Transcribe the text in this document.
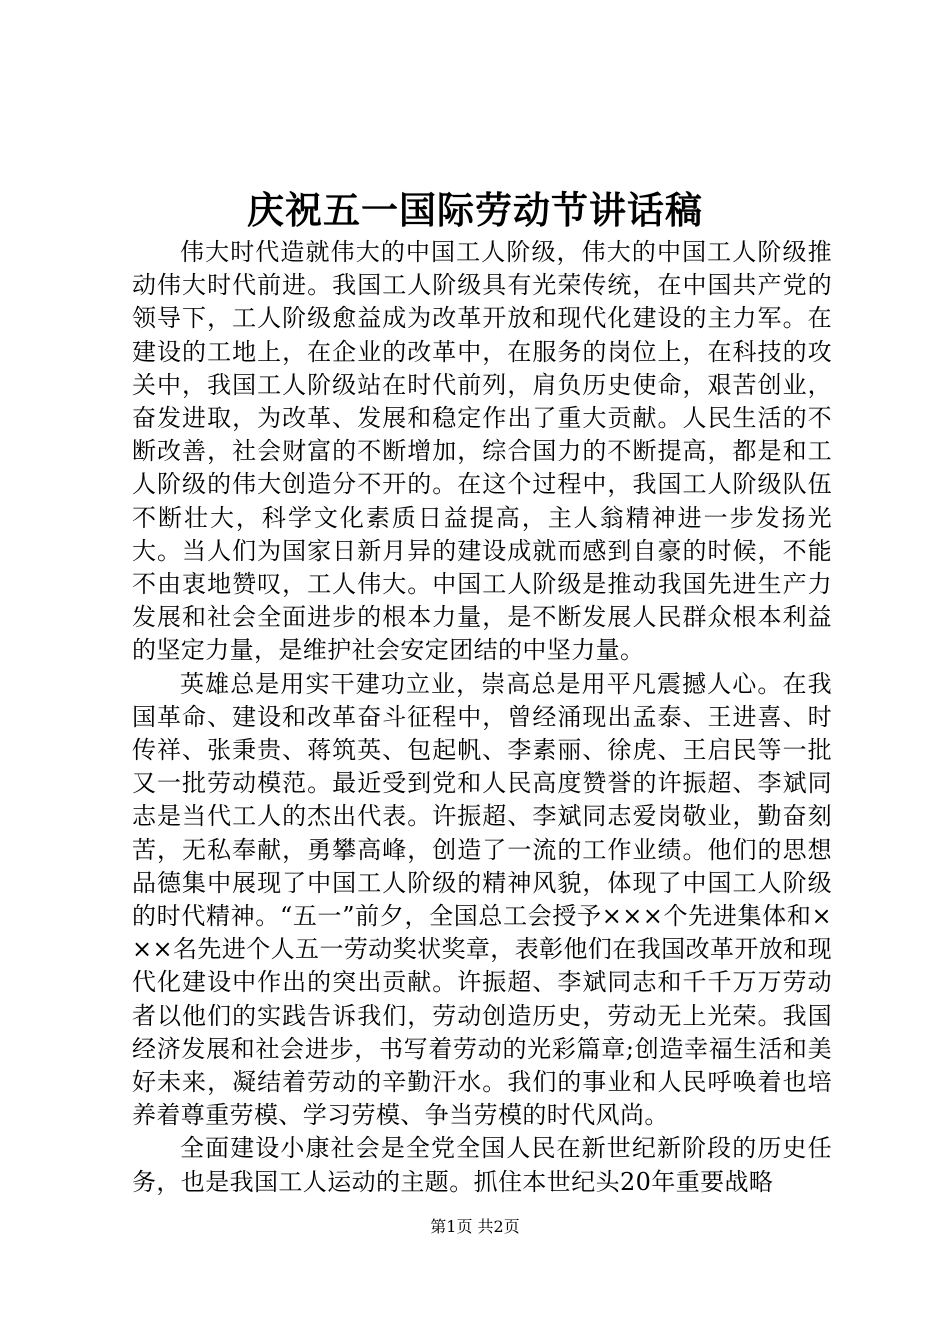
庆祝五一国际劳动节讲话稿

伟大时代造就伟大的中国工人阶级，伟大的中国工人阶级推动伟大时代前进。我国工人阶级具有光荣传统，在中国共产党的领导下，工人阶级愈益成为改革开放和现代化建设的主力军。在建设的工地上，在企业的改革中，在服务的岗位上，在科技的攻关中，我国工人阶级站在时代前列，肩负历史使命，艰苦创业，奋发进取，为改革、发展和稳定作出了重大贡献。人民生活的不断改善，社会财富的不断增加，综合国力的不断提高，都是和工人阶级的伟大创造分不开的。在这个过程中，我国工人阶级队伍不断壮大，科学文化素质日益提高，主人翁精神进一步发扬光大。当人们为国家日新月异的建设成就而感到自豪的时候，不能不由衷地赞叹，工人伟大。中国工人阶级是推动我国先进生产力发展和社会全面进步的根本力量，是不断发展人民群众根本利益的坚定力量，是维护社会安定团结的中坚力量。

英雄总是用实干建功立业，崇高总是用平凡震撼人心。在我国革命、建设和改革奋斗征程中，曾经涌现出孟泰、王进喜、时传祥、张秉贵、蒋筑英、包起帆、李素丽、徐虎、王启民等一批又一批劳动模范。最近受到党和人民高度赞誉的许振超、李斌同志是当代工人的杰出代表。许振超、李斌同志爱岗敬业，勤奋刻苦，无私奉献，勇攀高峰，创造了一流的工作业绩。他们的思想品德集中展现了中国工人阶级的精神风貌，体现了中国工人阶级的时代精神。“五一”前夕，全国总工会授予×××个先进集体和×××名先进个人五一劳动奖状奖章，表彰他们在我国改革开放和现代化建设中作出的突出贡献。许振超、李斌同志和千千万万劳动者以他们的实践告诉我们，劳动创造历史，劳动无上光荣。我国经济发展和社会进步，书写着劳动的光彩篇章;创造幸福生活和美好未来，凝结着劳动的辛勤汗水。我们的事业和人民呼唤着也培养着尊重劳模、学习劳模、争当劳模的时代风尚。

全面建设小康社会是全党全国人民在新世纪新阶段的历史任务，也是我国工人运动的主题。抓住本世纪头20年重要战略

第1页 共2页
